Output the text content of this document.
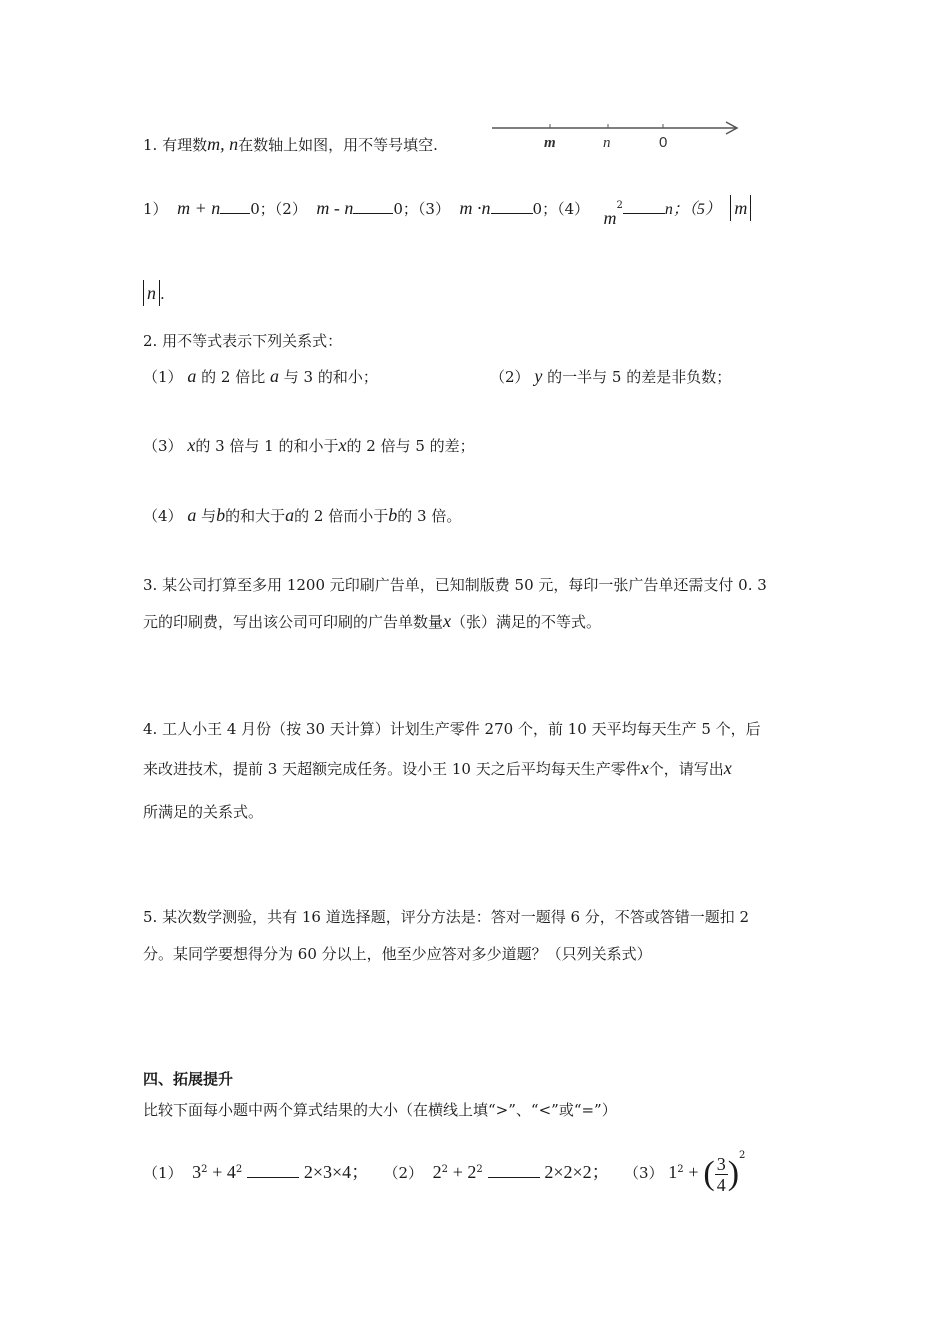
1. 有理数m, n在数轴上如图，用不等号填空.	m	n	0
1） m + n 0；（2） m - n	0；（3） m ·n	0；（4） $m^2$	n；（5） m
n .
2. 用不等式表示下列关系式：
（1） a 的 2 倍比 a 与 3 的和小；	（2） y 的一半与 5 的差是非负数；
（3） x的 3 倍与 1 的和小于x的 2 倍与 5 的差；
（4） a 与b的和大于a的 2 倍而小于b的 3 倍。
3. 某公司打算至多用 1200 元印刷广告单，已知制版费 50 元，每印一张广告单还需支付 0. 3
元的印刷费，写出该公司可印刷的广告单数量x（张）满足的不等式。
4. 工人小王 4 月份（按 30 天计算）计划生产零件 270 个，前 10 天平均每天生产 5 个，后
来改进技术，提前 3 天超额完成任务。设小王 10 天之后平均每天生产零件x个，请写出x
所满足的关系式。
5. 某次数学测验，共有 16 道选择题，评分方法是：答对一题得 6 分，不答或答错一题扣 2
分。某同学要想得分为 60 分以上，他至少应答对多少道题？（只列关系式）
四、拓展提升
比较下面每小题中两个算式结果的大小（在横线上填“>”、“<”或“=”）
（1） $3^2 + 4^2$	2×3×4； （2） $2^2 + 2^2$	2×2×2； （3） $1^2$ + ( $\frac{3}{4} )^2$
